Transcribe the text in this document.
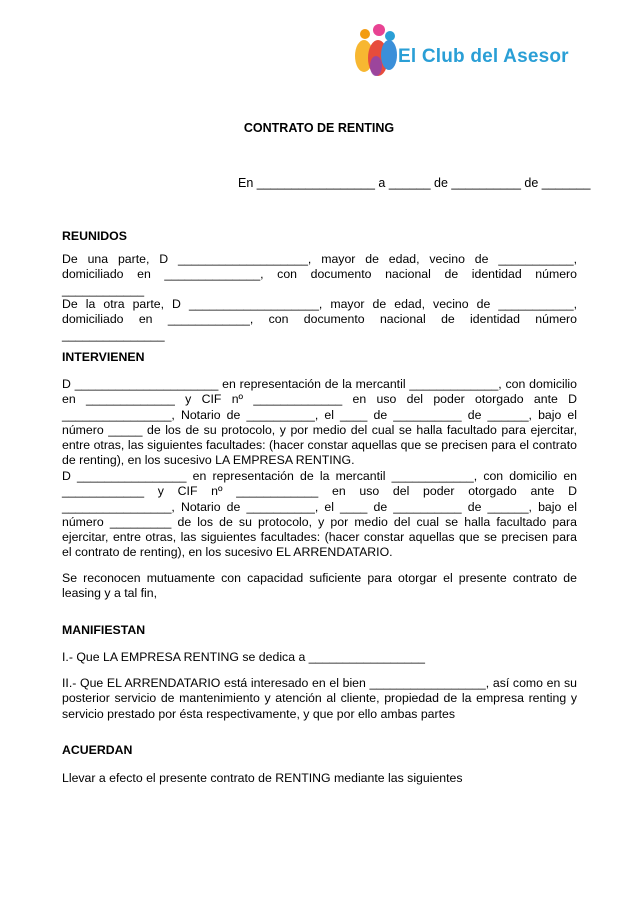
El Club del Asesor
CONTRATO DE RENTING
En _________________ a ______ de __________ de _______
REUNIDOS
De una parte, D ___________________, mayor de edad, vecino de ___________, domiciliado en ______________, con documento nacional de identidad número ____________
De la otra parte, D ___________________, mayor de edad, vecino de ___________, domiciliado en ____________, con documento nacional de identidad número _______________
INTERVIENEN
D _____________________ en representación de la mercantil _____________, con domicilio en _____________ y CIF nº _____________ en uso del poder otorgado ante D ________________, Notario de __________, el ____ de __________ de ______, bajo el número _____ de los de su protocolo, y por medio del cual se halla facultado para ejercitar, entre otras, las siguientes facultades: (hacer constar aquellas que se precisen para el contrato de renting), en los sucesivo LA EMPRESA RENTING.
D ________________ en representación de la mercantil ____________, con domicilio en ____________ y CIF nº ____________ en uso del poder otorgado ante D ________________, Notario de __________, el ____ de __________ de ______, bajo el número _________ de los de su protocolo, y por medio del cual se halla facultado para ejercitar, entre otras, las siguientes facultades: (hacer constar aquellas que se precisen para el contrato de renting), en los sucesivo EL ARRENDATARIO.
Se reconocen mutuamente con capacidad suficiente para otorgar el presente contrato de leasing y a tal fin,
MANIFIESTAN
I.- Que LA EMPRESA RENTING se dedica a _________________
II.- Que EL ARRENDATARIO está interesado en el bien _________________, así como en su posterior servicio de mantenimiento y atención al cliente, propiedad de la empresa renting y servicio prestado por ésta respectivamente, y que por ello ambas partes
ACUERDAN
Llevar a efecto el presente contrato de RENTING mediante las siguientes
